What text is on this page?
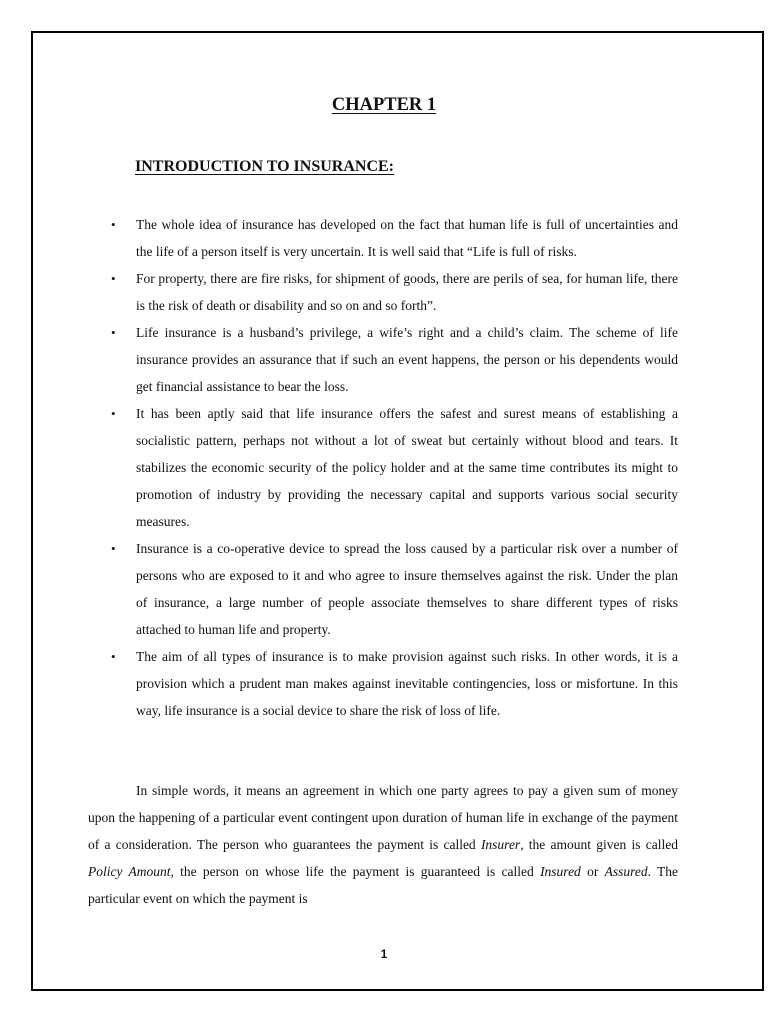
CHAPTER 1
INTRODUCTION TO INSURANCE:
• The whole idea of insurance has developed on the fact that human life is full of uncertainties and the life of a person itself is very uncertain. It is well said that “Life is full of risks.
• For property, there are fire risks, for shipment of goods, there are perils of sea, for human life, there is the risk of death or disability and so on and so forth”.
• Life insurance is a husband’s privilege, a wife’s right and a child’s claim. The scheme of life insurance provides an assurance that if such an event happens, the person or his dependents would get financial assistance to bear the loss.
• It has been aptly said that life insurance offers the safest and surest means of establishing a socialistic pattern, perhaps not without a lot of sweat but certainly without blood and tears. It stabilizes the economic security of the policy holder and at the same time contributes its might to promotion of industry by providing the necessary capital and supports various social security measures.
• Insurance is a co-operative device to spread the loss caused by a particular risk over a number of persons who are exposed to it and who agree to insure themselves against the risk. Under the plan of insurance, a large number of people associate themselves to share different types of risks attached to human life and property.
• The aim of all types of insurance is to make provision against such risks. In other words, it is a provision which a prudent man makes against inevitable contingencies, loss or misfortune. In this way, life insurance is a social device to share the risk of loss of life.

In simple words, it means an agreement in which one party agrees to pay a given sum of money upon the happening of a particular event contingent upon duration of human life in exchange of the payment of a consideration. The person who guarantees the payment is called Insurer, the amount given is called Policy Amount, the person on whose life the payment is guaranteed is called Insured or Assured. The particular event on which the payment is

1
